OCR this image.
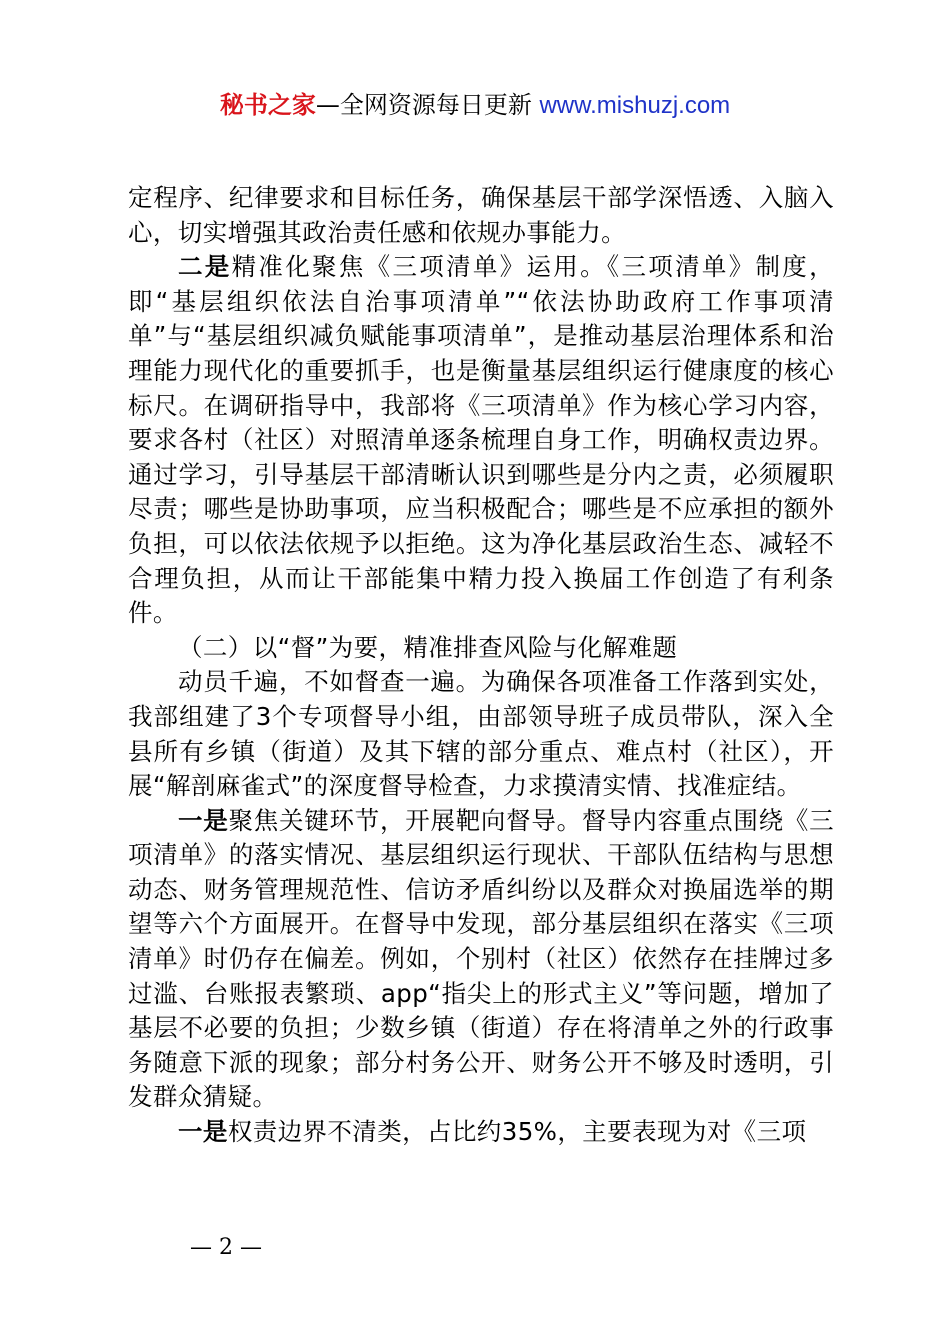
秘书之家—全网资源每日更新 www.mishuzj.com

定程序、纪律要求和目标任务，确保基层干部学深悟透、入脑入心，切实增强其政治责任感和依规办事能力。

二是精准化聚焦《三项清单》运用。《三项清单》制度，即“基层组织依法自治事项清单”“依法协助政府工作事项清单”与“基层组织减负赋能事项清单”，是推动基层治理体系和治理能力现代化的重要抓手，也是衡量基层组织运行健康度的核心标尺。在调研指导中，我部将《三项清单》作为核心学习内容，要求各村（社区）对照清单逐条梳理自身工作，明确权责边界。通过学习，引导基层干部清晰认识到哪些是分内之责，必须履职尽责；哪些是协助事项，应当积极配合；哪些是不应承担的额外负担，可以依法依规予以拒绝。这为净化基层政治生态、减轻不合理负担，从而让干部能集中精力投入换届工作创造了有利条件。

（二）以“督”为要，精准排查风险与化解难题

动员千遍，不如督查一遍。为确保各项准备工作落到实处，我部组建了3个专项督导小组，由部领导班子成员带队，深入全县所有乡镇（街道）及其下辖的部分重点、难点村（社区），开展“解剖麻雀式”的深度督导检查，力求摸清实情、找准症结。

一是聚焦关键环节，开展靶向督导。督导内容重点围绕《三项清单》的落实情况、基层组织运行现状、干部队伍结构与思想动态、财务管理规范性、信访矛盾纠纷以及群众对换届选举的期望等六个方面展开。在督导中发现，部分基层组织在落实《三项清单》时仍存在偏差。例如，个别村（社区）依然存在挂牌过多过滥、台账报表繁琐、app“指尖上的形式主义”等问题，增加了基层不必要的负担；少数乡镇（街道）存在将清单之外的行政事务随意下派的现象；部分村务公开、财务公开不够及时透明，引发群众猜疑。

一是权责边界不清类，占比约35%，主要表现为对《三项

— 2 —
